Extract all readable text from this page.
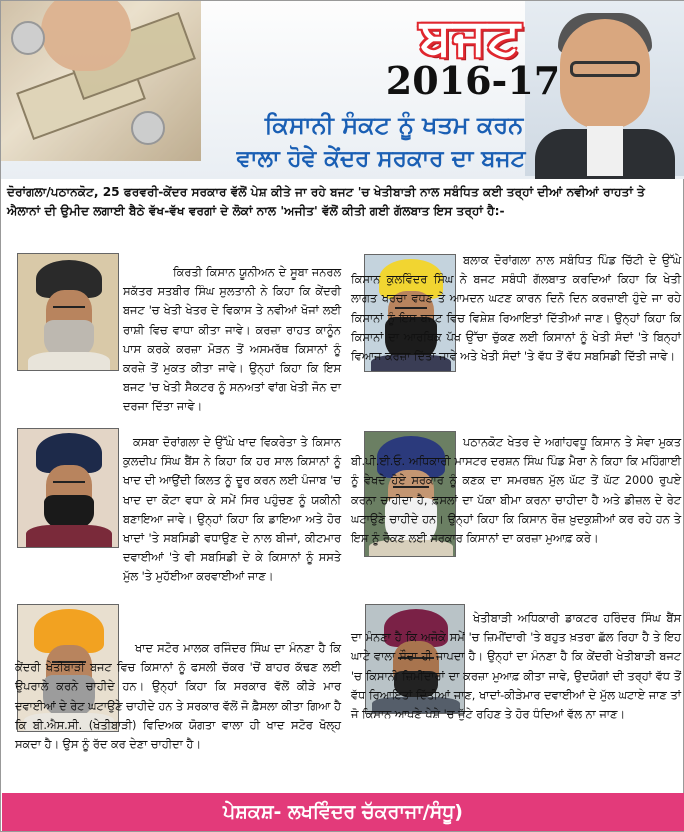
ਬਜਟ
2016-17
ਕਿਸਾਨੀ ਸੰਕਟ ਨੂੰ ਖਤਮ ਕਰਨ
ਵਾਲਾ ਹੋਵੇ ਕੇਂਦਰ ਸਰਕਾਰ ਦਾ ਬਜਟ
ਦੋਰਾਂਗਲਾ/ਪਠਾਨਕੋਟ, 25 ਫਰਵਰੀ-ਕੇਂਦਰ ਸਰਕਾਰ ਵੱਲੋਂ ਪੇਸ਼ ਕੀਤੇ ਜਾ ਰਹੇ ਬਜਟ 'ਚ ਖੇਤੀਬਾੜੀ ਨਾਲ ਸਬੰਧਿਤ ਕਈ ਤਰ੍ਹਾਂ ਦੀਆਂ ਨਵੀਆਂ ਰਾਹਤਾਂ ਤੇ ਐਲਾਨਾਂ ਦੀ ਉਮੀਦ ਲਗਾਈ ਬੈਠੇ ਵੱਖ-ਵੱਖ ਵਰਗਾਂ ਦੇ ਲੋਕਾਂ ਨਾਲ 'ਅਜੀਤ' ਵੱਲੋਂ ਕੀਤੀ ਗਈ ਗੱਲਬਾਤ ਇਸ ਤਰ੍ਹਾਂ ਹੈ:-
ਕਿਰਤੀ ਕਿਸਾਨ ਯੂਨੀਅਨ ਦੇ ਸੂਬਾ ਜਨਰਲ ਸਕੱਤਰ ਸਤਬੀਰ ਸਿੰਘ ਸੁਲਤਾਨੀ ਨੇ ਕਿਹਾ ਕਿ ਕੇਂਦਰੀ ਬਜਟ 'ਚ ਖੇਤੀ ਖੇਤਰ ਦੇ ਵਿਕਾਸ ਤੇ ਨਵੀਆਂ ਖੋਜਾਂ ਲਈ ਰਾਸ਼ੀ ਵਿਚ ਵਾਧਾ ਕੀਤਾ ਜਾਵੇ। ਕਰਜ਼ਾ ਰਾਹਤ ਕਾਨੂੰਨ ਪਾਸ ਕਰਕੇ ਕਰਜ਼ਾ ਮੋੜਨ ਤੋਂ ਅਸਮਰੱਥ ਕਿਸਾਨਾਂ ਨੂੰ ਕਰਜ਼ੇ ਤੋਂ ਮੁਕਤ ਕੀਤਾ ਜਾਵੇ। ਉਨ੍ਹਾਂ ਕਿਹਾ ਕਿ ਇਸ ਬਜਟ 'ਚ ਖੇਤੀ ਸੈਕਟਰ ਨੂੰ ਸਨਅਤਾਂ ਵਾਂਗ ਖੇਤੀ ਜੋਨ ਦਾ ਦਰਜਾ ਦਿੱਤਾ ਜਾਵੇ।
ਬਲਾਕ ਦੋਰਾਂਗਲਾ ਨਾਲ ਸਬੰਧਿਤ ਪਿੰਡ ਚਿੱਟੀ ਦੇ ਉੱਘੇ ਕਿਸਾਨ ਕੁਲਵਿੰਦਰ ਸਿੰਘ ਨੇ ਬਜਟ ਸਬੰਧੀ ਗੱਲਬਾਤ ਕਰਦਿਆਂ ਕਿਹਾ ਕਿ ਖੇਤੀ ਲਾਗਤ ਖਰਚਾ ਵਧਣ ਤੇ ਆਮਦਨ ਘਟਣ ਕਾਰਨ ਦਿਨੋ ਦਿਨ ਕਰਜ਼ਾਈ ਹੁੰਦੇ ਜਾ ਰਹੇ ਕਿਸਾਨਾਂ ਨੂੰ ਇਸ ਬਜਟ ਵਿਚ ਵਿਸ਼ੇਸ਼ ਰਿਆਇਤਾਂ ਦਿੱਤੀਆਂ ਜਾਣ। ਉਨ੍ਹਾਂ ਕਿਹਾ ਕਿ ਕਿਸਾਨਾਂ ਦਾ ਆਰਥਿਕ ਪੱਖ ਉੱਚਾ ਚੁੱਕਣ ਲਈ ਕਿਸਾਨਾਂ ਨੂੰ ਖੇਤੀ ਸੰਦਾਂ 'ਤੇ ਬਿਨ੍ਹਾਂ ਵਿਆਜ ਕਰਜ਼ਾ ਦਿੱਤਾ ਜਾਵੇ ਅਤੇ ਖੇਤੀ ਸੰਦਾਂ 'ਤੇ ਵੱਧ ਤੋਂ ਵੱਧ ਸਬਸਿਡੀ ਦਿੱਤੀ ਜਾਵੇ।
ਕਸਬਾ ਦੋਰਾਂਗਲਾ ਦੇ ਉੱਘੇ ਖਾਦ ਵਿਕਰੇਤਾ ਤੇ ਕਿਸਾਨ ਕੁਲਦੀਪ ਸਿੰਘ ਬੈਂਸ ਨੇ ਕਿਹਾ ਕਿ ਹਰ ਸਾਲ ਕਿਸਾਨਾਂ ਨੂੰ ਖਾਦ ਦੀ ਆਉਂਦੀ ਕਿਲਤ ਨੂੰ ਦੂਰ ਕਰਨ ਲਈ ਪੰਜਾਬ 'ਚ ਖਾਦ ਦਾ ਕੋਟਾ ਵਧਾ ਕੇ ਸਮੇਂ ਸਿਰ ਪਹੁੰਚਣ ਨੂੰ ਯਕੀਨੀ ਬਣਾਇਆ ਜਾਵੇ। ਉਨ੍ਹਾਂ ਕਿਹਾ ਕਿ ਡਾਇਆ ਅਤੇ ਹੋਰ ਖਾਦਾਂ 'ਤੇ ਸਬਸਿਡੀ ਵਧਾਉਣ ਦੇ ਨਾਲ ਬੀਜਾਂ, ਕੀਟਮਾਰ ਦਵਾਈਆਂ 'ਤੇ ਵੀ ਸਬਸਿਡੀ ਦੇ ਕੇ ਕਿਸਾਨਾਂ ਨੂੰ ਸਸਤੇ ਮੁੱਲ 'ਤੇ ਮੁਹੱਈਆ ਕਰਵਾਈਆਂ ਜਾਣ।
ਪਠਾਨਕੋਟ ਖੇਤਰ ਦੇ ਅਗਾਂਹਵਧੂ ਕਿਸਾਨ ਤੇ ਸੇਵਾ ਮੁਕਤ ਬੀ.ਪੀ.ਈ.ਓ. ਅਧਿਕਾਰੀ ਮਾਸਟਰ ਦਰਸ਼ਨ ਸਿੰਘ ਪਿੰਡ ਮੈਰਾ ਨੇ ਕਿਹਾ ਕਿ ਮਹਿੰਗਾਈ ਨੂੰ ਵੇਖਦੇ ਹੋਏ ਸਰਕਾਰ ਨੂੰ ਕਣਕ ਦਾ ਸਮਰਥਨ ਮੁੱਲ ਘੱਟ ਤੋਂ ਘੱਟ 2000 ਰੁਪਏ ਕਰਨਾ ਚਾਹੀਦਾ ਹੈ, ਫ਼ਸਲਾਂ ਦਾ ਪੱਕਾ ਬੀਮਾ ਕਰਨਾ ਚਾਹੀਦਾ ਹੈ ਅਤੇ ਡੀਜ਼ਲ ਦੇ ਰੇਟ ਘਟਾਉਣੇ ਚਾਹੀਦੇ ਹਨ। ਉਨ੍ਹਾਂ ਕਿਹਾ ਕਿ ਕਿਸਾਨ ਰੋਜ਼ ਖ਼ੁਦਕੁਸ਼ੀਆਂ ਕਰ ਰਹੇ ਹਨ ਤੇ ਇਸ ਨੂੰ ਰੋਕਣ ਲਈ ਸਰਕਾਰ ਕਿਸਾਨਾਂ ਦਾ ਕਰਜ਼ਾ ਮੁਆਫ਼ ਕਰੇ।
ਖਾਦ ਸਟੋਰ ਮਾਲਕ ਰਜਿੰਦਰ ਸਿੰਘ ਦਾ ਮੰਨਣਾ ਹੈ ਕਿ ਕੇਂਦਰੀ ਖੇਤੀਬਾੜੀ ਬਜਟ ਵਿਚ ਕਿਸਾਨਾਂ ਨੂੰ ਫਸਲੀ ਚੱਕਰ 'ਚੋਂ ਬਾਹਰ ਕੱਢਣ ਲਈ ਉਪਰਾਲੇ ਕਰਨੇ ਚਾਹੀਦੇ ਹਨ। ਉਨ੍ਹਾਂ ਕਿਹਾ ਕਿ ਸਰਕਾਰ ਵੱਲੋਂ ਕੀੜੇ ਮਾਰ ਦਵਾਈਆਂ ਦੇ ਰੇਟ ਘਟਾਉਣੇ ਚਾਹੀਦੇ ਹਨ ਤੇ ਸਰਕਾਰ ਵੱਲੋਂ ਜੋ ਫ਼ੈਸਲਾ ਕੀਤਾ ਗਿਆ ਹੈ ਕਿ ਬੀ.ਐਸ.ਸੀ. (ਖੇਤੀਬਾੜੀ) ਵਿਦਿਅਕ ਯੋਗਤਾ ਵਾਲਾ ਹੀ ਖਾਦ ਸਟੋਰ ਖੋਲ੍ਹ ਸਕਦਾ ਹੈ। ਉਸ ਨੂੰ ਰੱਦ ਕਰ ਦੇਣਾ ਚਾਹੀਦਾ ਹੈ।
ਖੇਤੀਬਾੜੀ ਅਧਿਕਾਰੀ ਡਾਕਟਰ ਹਰਿੰਦਰ ਸਿੰਘ ਬੈਂਸ ਦਾ ਮੰਨਣਾ ਹੈ ਕਿ ਅਜੋਕੇ ਸਮੇਂ 'ਚ ਜ਼ਿਮੀਂਦਾਰੀ 'ਤੇ ਬਹੁਤ ਖ਼ਤਰਾ ਛੱਲ ਰਿਹਾ ਹੈ ਤੇ ਇਹ ਘਾਟੇ ਵਾਲਾ ਸੌਦਾ ਹੀ ਜਾਪਦਾ ਹੈ। ਉਨ੍ਹਾਂ ਦਾ ਮੰਨਣਾ ਹੈ ਕਿ ਕੇਂਦਰੀ ਖੇਤੀਬਾੜੀ ਬਜਟ 'ਚ ਕਿਸਾਨੀ ਜ਼ਿਮੀਂਦਾਰਾਂ ਦਾ ਕਰਜ਼ਾ ਮੁਆਫ਼ ਕੀਤਾ ਜਾਵੇ, ਉਦਯੋਗਾਂ ਦੀ ਤਰ੍ਹਾਂ ਵੱਧ ਤੋਂ ਵੱਧ ਰਿਆਇਤਾਂ ਦਿੱਤੀਆਂ ਜਾਣ, ਖਾਦਾਂ-ਕੀੜੇਮਾਰ ਦਵਾਈਆਂ ਦੇ ਮੁੱਲ ਘਟਾਏ ਜਾਣ ਤਾਂ ਜੋ ਕਿਸਾਨ ਆਪਣੇ ਪੇਸ਼ੇ 'ਚ ਜੁੱਟੇ ਰਹਿਣ ਤੇ ਹੋਰ ਧੰਦਿਆਂ ਵੱਲ ਨਾ ਜਾਣ।
ਪੇਸ਼ਕਸ਼- ਲਖਵਿੰਦਰ ਚੱਕਰਾਜਾ/ਸੰਧੂ)
